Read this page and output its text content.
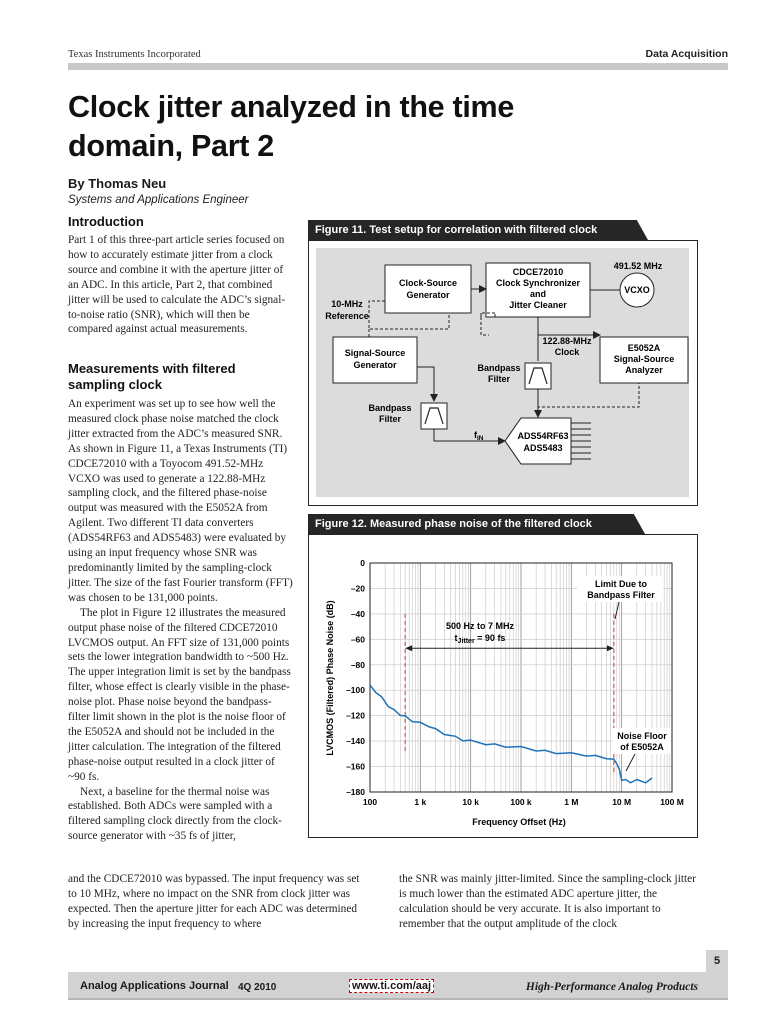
Texas Instruments Incorporated	Data Acquisition
Clock jitter analyzed in the time domain, Part 2
By Thomas Neu
Systems and Applications Engineer
Introduction

Part 1 of this three-part article series focused on how to accurately estimate jitter from a clock source and combine it with the aperture jitter of an ADC. In this article, Part 2, that combined jitter will be used to calculate the ADC’s signal-to-noise ratio (SNR), which will then be compared against actual measurements.

Measurements with filtered sampling clock

An experiment was set up to see how well the measured clock phase noise matched the clock jitter extracted from the ADC’s measured SNR. As shown in Figure 11, a Texas Instruments (TI) CDCE72010 with a Toyocom 491.52-MHz VCXO was used to generate a 122.88-MHz sampling clock, and the filtered phase-noise output was measured with the E5052A from Agilent. Two different TI data converters (ADS54RF63 and ADS5483) were evaluated by using an input frequency whose SNR was predominantly limited by the sampling-clock jitter. The size of the fast Fourier transform (FFT) was chosen to be 131,000 points.

The plot in Figure 12 illustrates the measured output phase noise of the filtered CDCE72010 LVCMOS output. An FFT size of 131,000 points sets the lower integration bandwidth to ~500 Hz. The upper integration limit is set by the bandpass filter, whose effect is clearly visible in the phase-noise plot. Phase noise beyond the bandpass-filter limit shown in the plot is the noise floor of the E5052A and should not be included in the jitter calculation. The integration of the filtered phase-noise output resulted in a clock jitter of ~90 fs.

Next, a baseline for the thermal noise was established. Both ADCs were sampled with a filtered sampling clock directly from the clock-source generator with ~35 fs of jitter,

and the CDCE72010 was bypassed. The input frequency was set to 10 MHz, where no impact on the SNR from clock jitter was expected. Then the aperture jitter for each ADC was determined by increasing the input frequency to where

the SNR was mainly jitter-limited. Since the sampling-clock jitter is much lower than the estimated ADC aperture jitter, the calculation should be very accurate. It is also important to remember that the output amplitude of the clock

Figure 11. Test setup for correlation with filtered clock
10-MHz
Reference
Clock-Source
Generator
CDCE72010
Clock Synchronizer
and
Jitter Cleaner
491.52 MHz
VCXO
122.88-MHz
Clock	E5052A
Signal-Source
Analyzer
Bandpass
Filter
Signal-Source
Generator
Bandpass
Filter
$f_{IN}$	ADS54RF63
ADS5483
Figure 12. Measured phase noise of the filtered clock
0
–20
–40
–60
–80
–100
–120
–140
–160
–180
100	1 k	10 k	100 k	1 M	10 M	100 M
Frequency Offset (Hz)
LVCMOS (Filtered) Phase Noise (dB)	500 Hz to 7 MHz
$t_{Jitter} = 90$ fs
Limit Due to
Bandpass Filter
Noise Floor
of E5052A
5
Analog Applications Journal 4Q 2010	www.ti.com/aaj	High-Performance Analog Products
